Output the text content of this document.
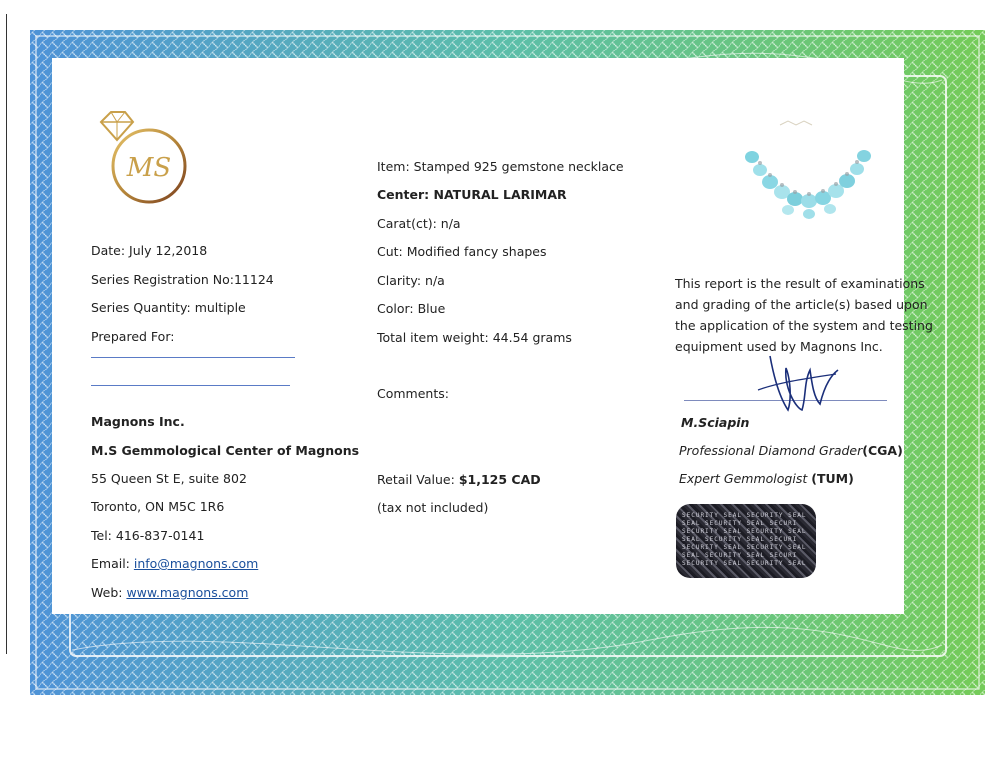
MS
Date: July 12,2018
Series Registration No:11124
Series Quantity: multiple
Prepared For:
Magnons Inc.
M.S Gemmological Center of Magnons
55 Queen St E, suite 802
Toronto, ON M5C 1R6
Tel: 416-837-0141
Email: info@magnons.com
Web: www.magnons.com
Item: Stamped 925 gemstone necklace
Center: NATURAL LARIMAR
Carat(ct): n/a
Cut: Modified fancy shapes
Clarity: n/a
Color: Blue
Total item weight: 44.54 grams
Comments:
Retail Value: $1,125 CAD
(tax not included)
This report is the result of examinations
and grading of the article(s) based upon
the application of the system and testing
equipment used by Magnons Inc.
M.Sciapin
Professional Diamond Grader(CGA)
Expert Gemmologist (TUM)
SECURITY SEAL SECURITY SEAL
SEAL SECURITY SEAL SECURI
SECURITY SEAL SECURITY SEAL
SEAL SECURITY SEAL SECURI
SECURITY SEAL SECURITY SEAL
SEAL SECURITY SEAL SECURI
SECURITY SEAL SECURITY SEAL
